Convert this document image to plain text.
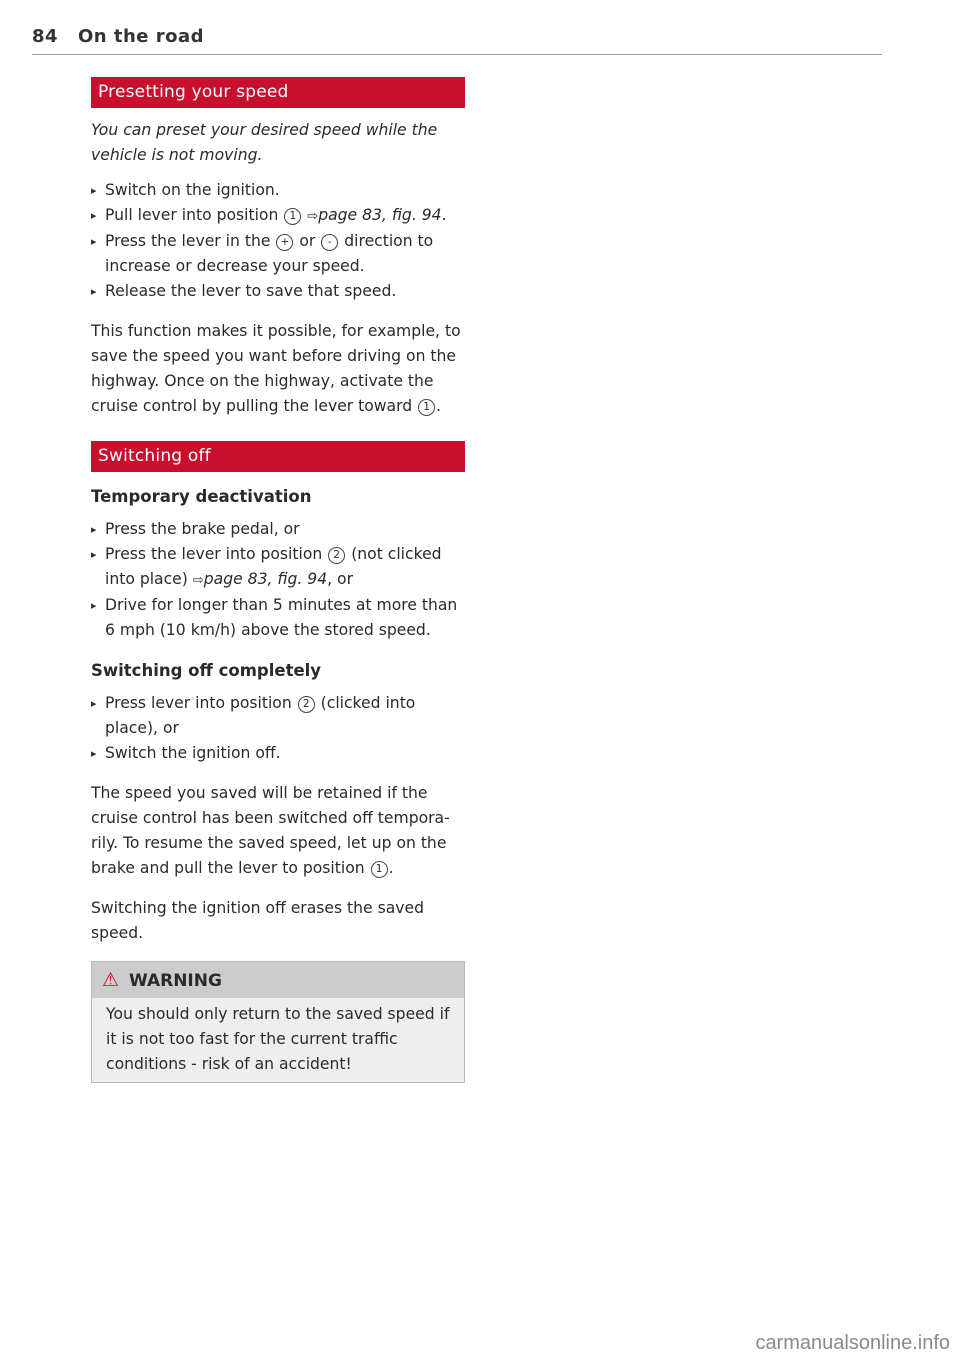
84 On the road
Presetting your speed
You can preset your desired speed while the vehicle is not moving.
▸ Switch on the ignition.
▸ Pull lever into position 1 ⇨page 83, fig. 94.
▸ Press the lever in the + or - direction to increase or decrease your speed.
▸ Release the lever to save that speed.

This function makes it possible, for example, to save the speed you want before driving on the highway. Once on the highway, activate the cruise control by pulling the lever toward 1 .

Switching off
Temporary deactivation
▸ Press the brake pedal, or
▸ Press the lever into position 2 (not clicked into place) ⇨page 83, fig. 94, or
▸ Drive for longer than 5 minutes at more than 6 mph (10 km/h) above the stored speed.
Switching off completely
▸ Press lever into position 2 (clicked into place), or
▸ Switch the ignition off.

The speed you saved will be retained if the cruise control has been switched off tempora-rily. To resume the saved speed, let up on the brake and pull the lever to position 1 .

Switching the ignition off erases the saved speed.

⚠ WARNING
You should only return to the saved speed if it is not too fast for the current traffic conditions - risk of an accident!
carmanualsonline.info
